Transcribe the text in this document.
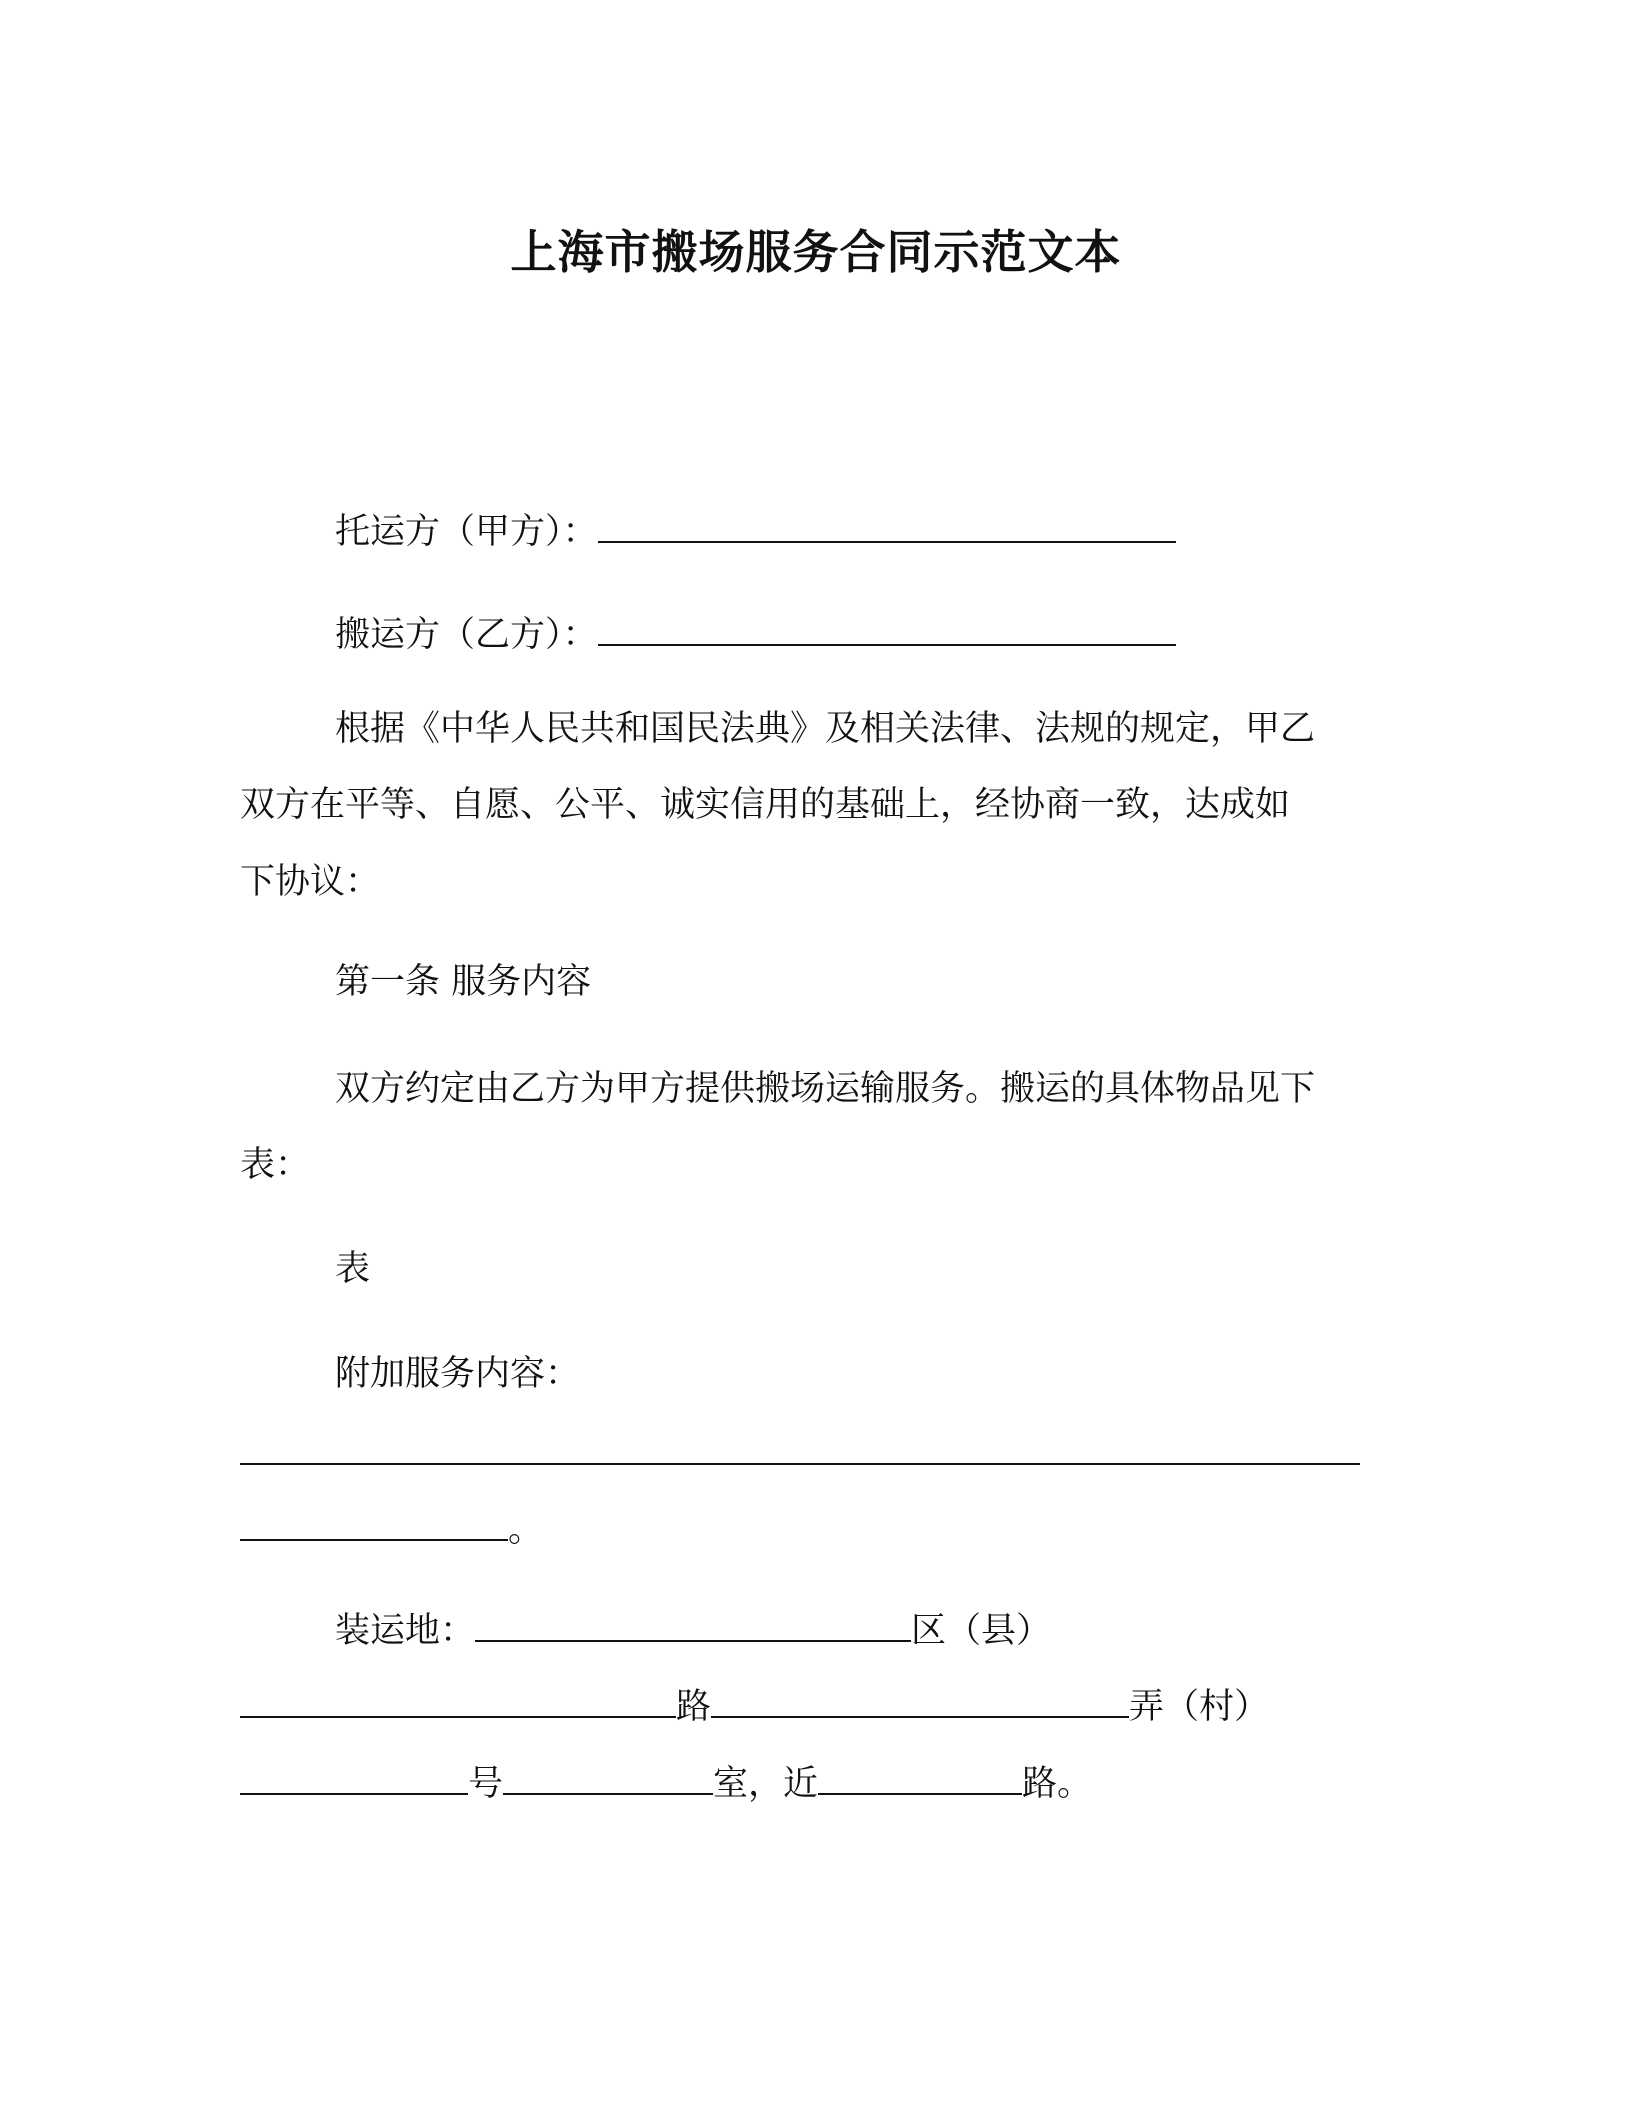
上海市搬场服务合同示范文本
托运方（甲方）：
搬运方（乙方）：
根据《中华人民共和国民法典》及相关法律、法规的规定，甲乙
双方在平等、自愿、公平、诚实信用的基础上，经协商一致，达成如
下协议：
第一条 服务内容
双方约定由乙方为甲方提供搬场运输服务。搬运的具体物品见下
表：
表
附加服务内容：
。
装运地：	区（县）
路	弄（村）
号	室，近	路。
